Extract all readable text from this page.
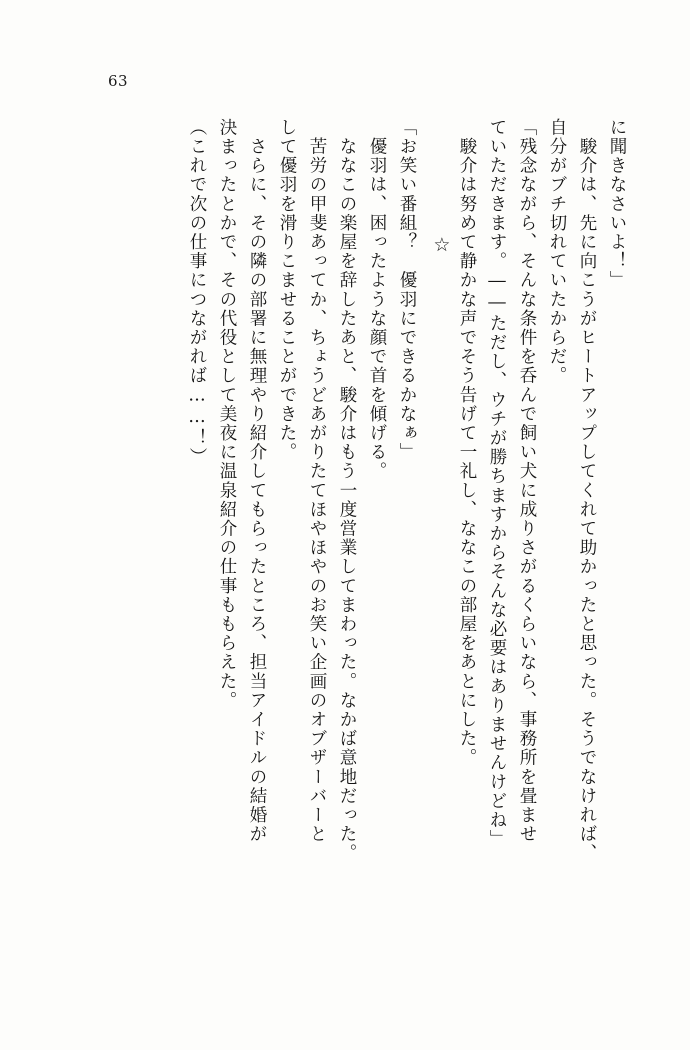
63
に聞きなさいよ！」
　駿介は、先に向こうがヒートアップしてくれて助かったと思った。そうでなければ、
自分がブチ切れていたからだ。
「残念ながら、そんな条件を呑んで飼い犬に成りさがるくらいなら、事務所を畳ませ
ていただきます。――ただし、ウチが勝ちますからそんな必要はありませんけどね」
　駿介は努めて静かな声でそう告げて一礼し、ななこの部屋をあとにした。
☆
「お笑い番組？　優羽にできるかなぁ」
　優羽は、困ったような顔で首を傾げる。
　ななこの楽屋を辞したあと、駿介はもう一度営業してまわった。なかば意地だった。
　苦労の甲斐あってか、ちょうどあがりたてほやほやのお笑い企画のオブザーバーと
して優羽を滑りこませることができた。
　さらに、その隣の部署に無理やり紹介してもらったところ、担当アイドルの結婚が
決まったとかで、その代役として美夜に温泉紹介の仕事ももらえた。
（これで次の仕事につながれば……！）
